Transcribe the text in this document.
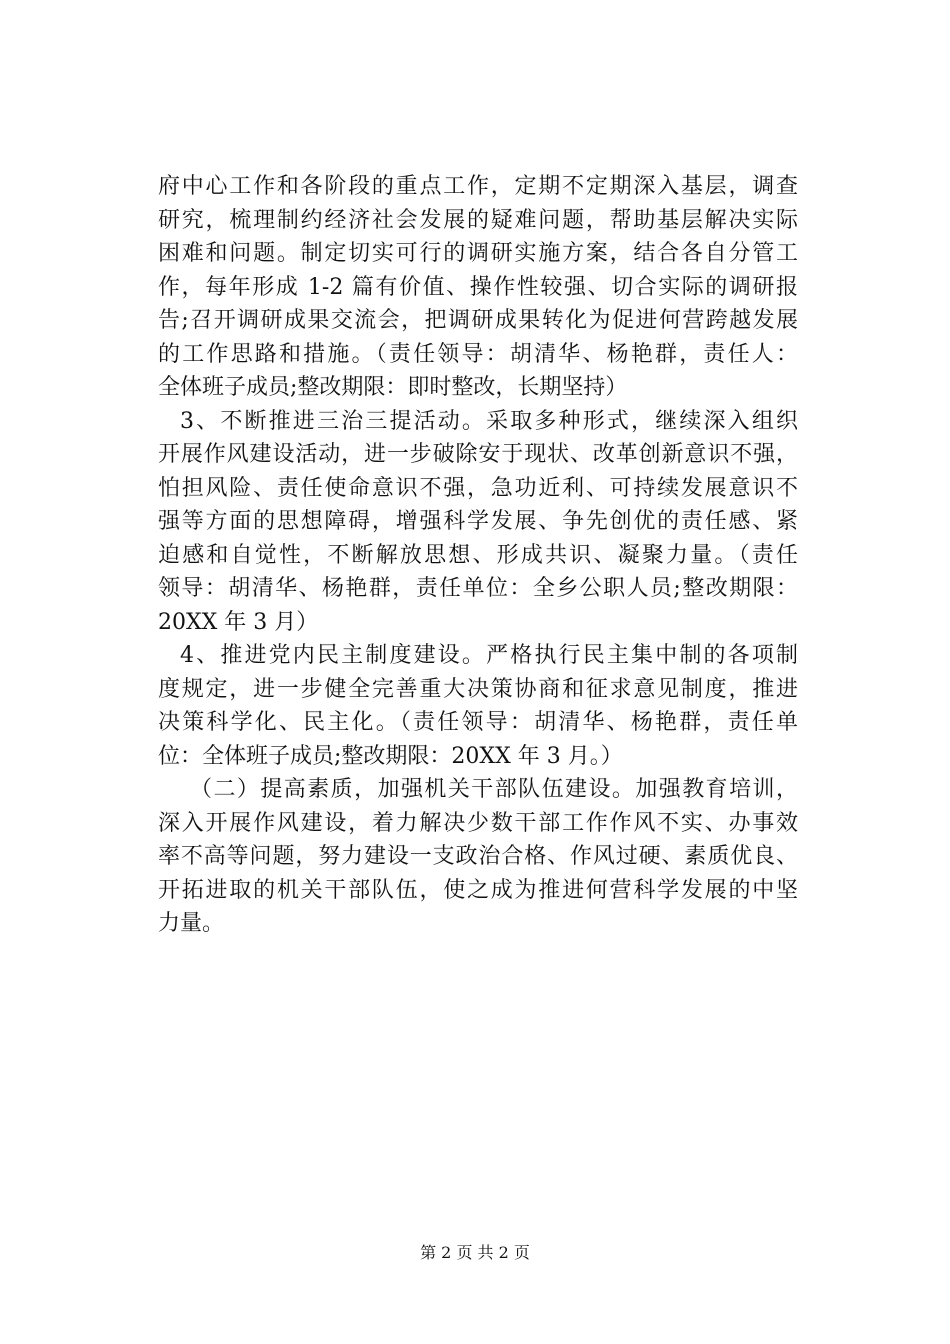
府中心工作和各阶段的重点工作，定期不定期深入基层，调查
研究，梳理制约经济社会发展的疑难问题，帮助基层解决实际
困难和问题。制定切实可行的调研实施方案，结合各自分管工
作，每年形成 1-2 篇有价值、操作性较强、切合实际的调研报
告;召开调研成果交流会，把调研成果转化为促进何营跨越发展
的工作思路和措施。（责任领导：胡清华、杨艳群，责任人：
全体班子成员;整改期限：即时整改，长期坚持）
3、不断推进三治三提活动。采取多种形式，继续深入组织
开展作风建设活动，进一步破除安于现状、改革创新意识不强，
怕担风险、责任使命意识不强，急功近利、可持续发展意识不
强等方面的思想障碍，增强科学发展、争先创优的责任感、紧
迫感和自觉性，不断解放思想、形成共识、凝聚力量。（责任
领导：胡清华、杨艳群，责任单位：全乡公职人员;整改期限：
20XX 年 3 月）
4、推进党内民主制度建设。严格执行民主集中制的各项制
度规定，进一步健全完善重大决策协商和征求意见制度，推进
决策科学化、民主化。（责任领导：胡清华、杨艳群，责任单
位：全体班子成员;整改期限：20XX 年 3 月。）
（二）提高素质，加强机关干部队伍建设。加强教育培训，
深入开展作风建设，着力解决少数干部工作作风不实、办事效
率不高等问题，努力建设一支政治合格、作风过硬、素质优良、
开拓进取的机关干部队伍，使之成为推进何营科学发展的中坚
力量。
第 2 页 共 2 页
